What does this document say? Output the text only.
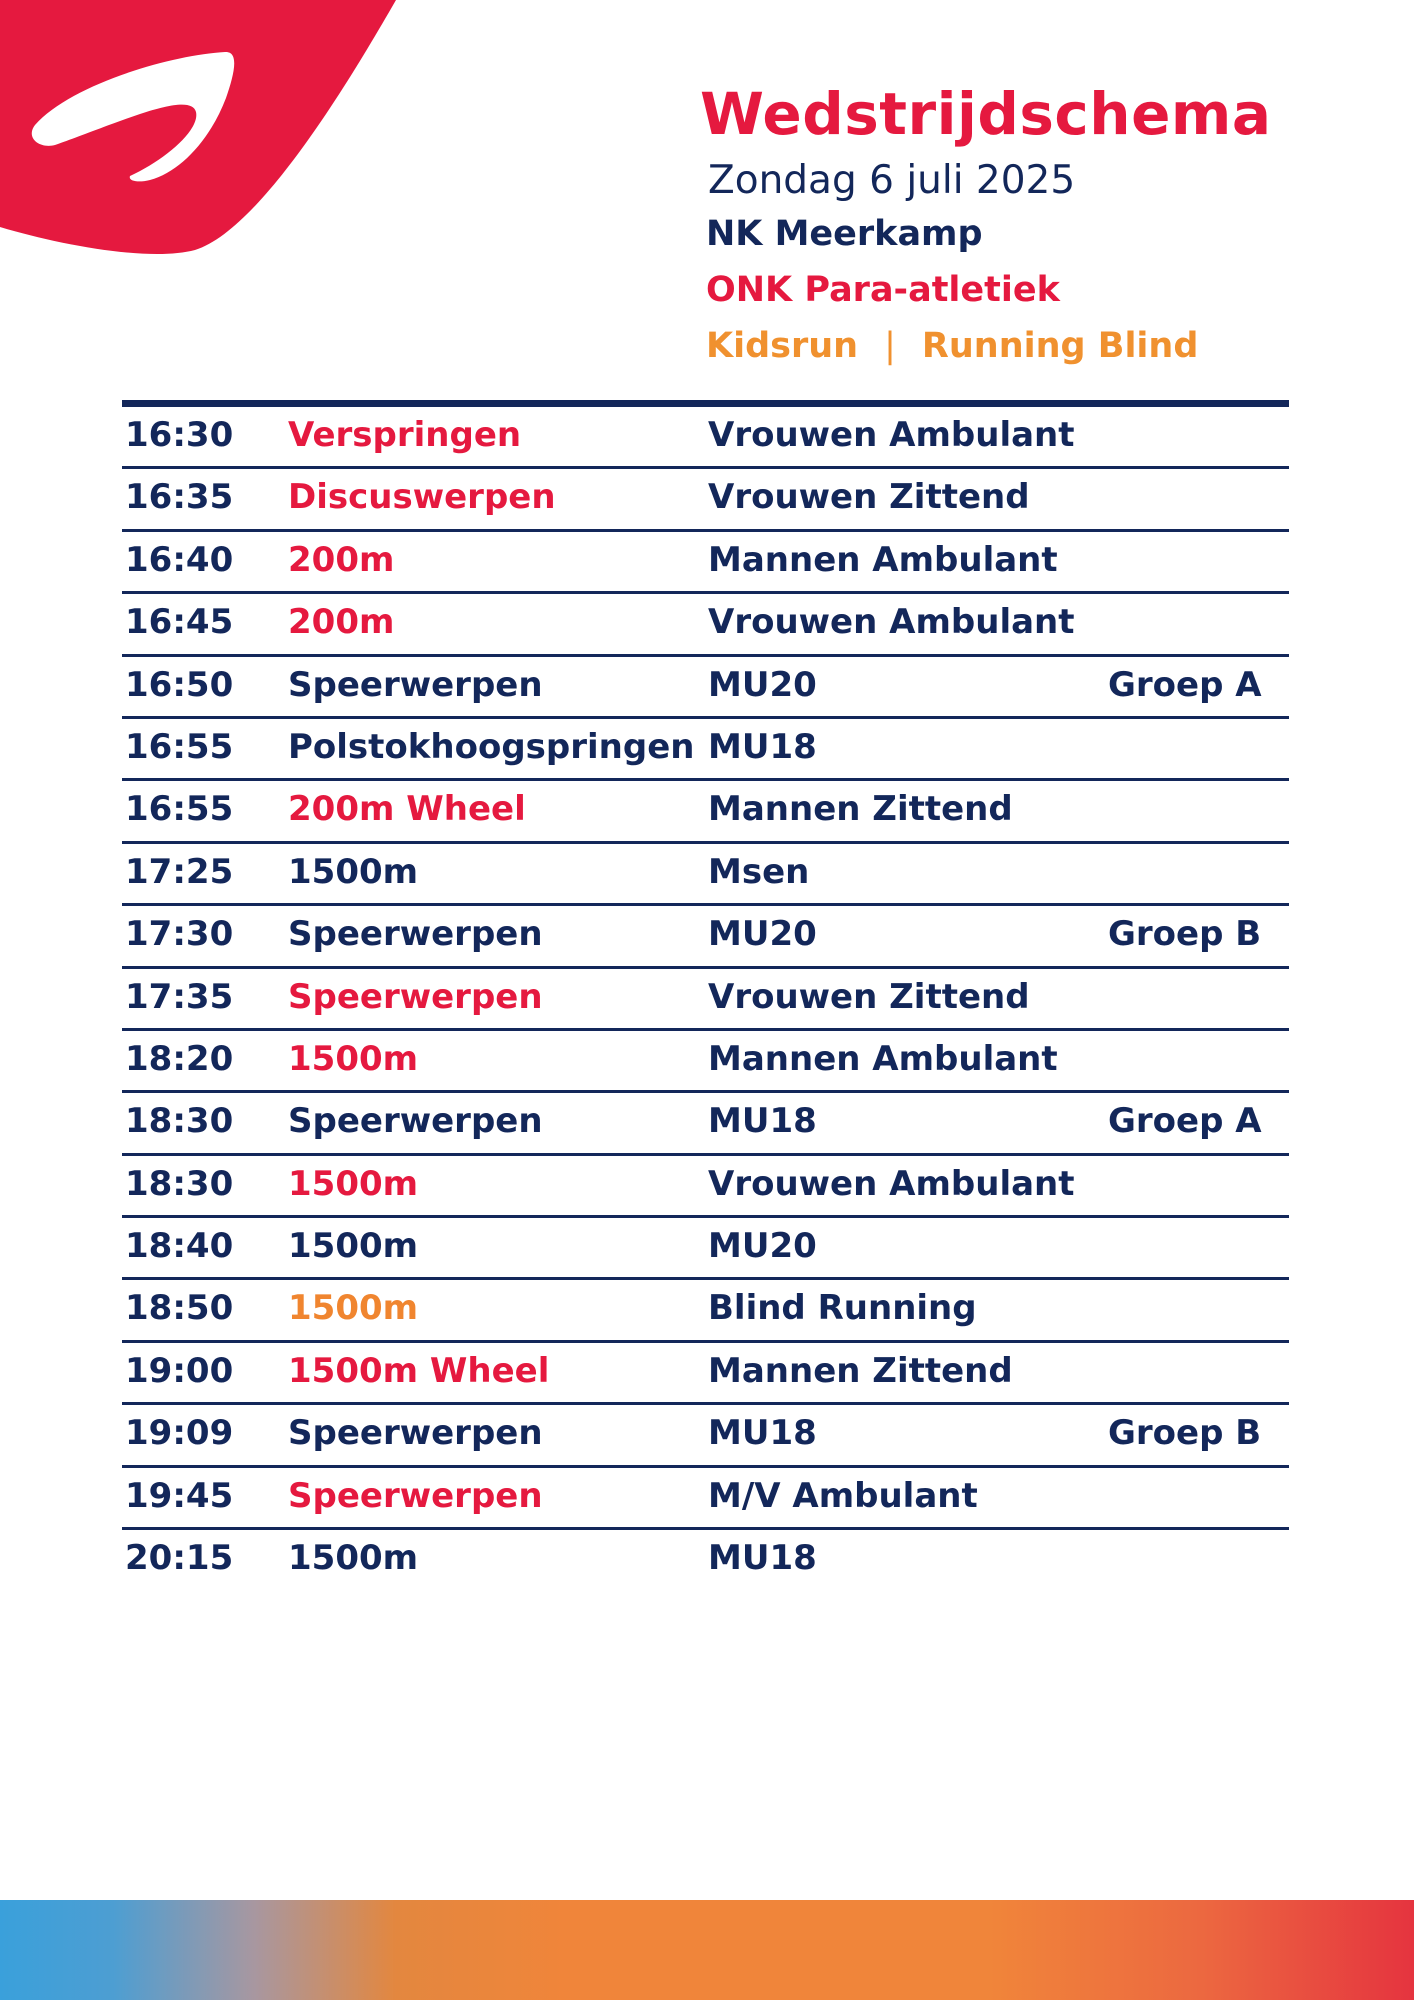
Wedstrijdschema
Zondag 6 juli 2025
NK Meerkamp
ONK Para-atletiek
Kidsrun | Running Blind
16:30 Verspringen	Vrouwen Ambulant
16:35 Discuswerpen	Vrouwen Zittend
16:40 200m	Mannen Ambulant
16:45 200m	Vrouwen Ambulant
16:50 Speerwerpen	MU20	Groep A
16:55 Polstokhoogspringen MU18
16:55 200m Wheel	Mannen Zittend
17:25 1500m	Msen
17:30 Speerwerpen	MU20	Groep B
17:35 Speerwerpen	Vrouwen Zittend
18:20 1500m	Mannen Ambulant
18:30 Speerwerpen	MU18	Groep A
18:30 1500m	Vrouwen Ambulant
18:40 1500m	MU20
18:50 1500m	Blind Running
19:00 1500m Wheel	Mannen Zittend
19:09 Speerwerpen	MU18	Groep B
19:45 Speerwerpen	M/V Ambulant
20:15 1500m	MU18
